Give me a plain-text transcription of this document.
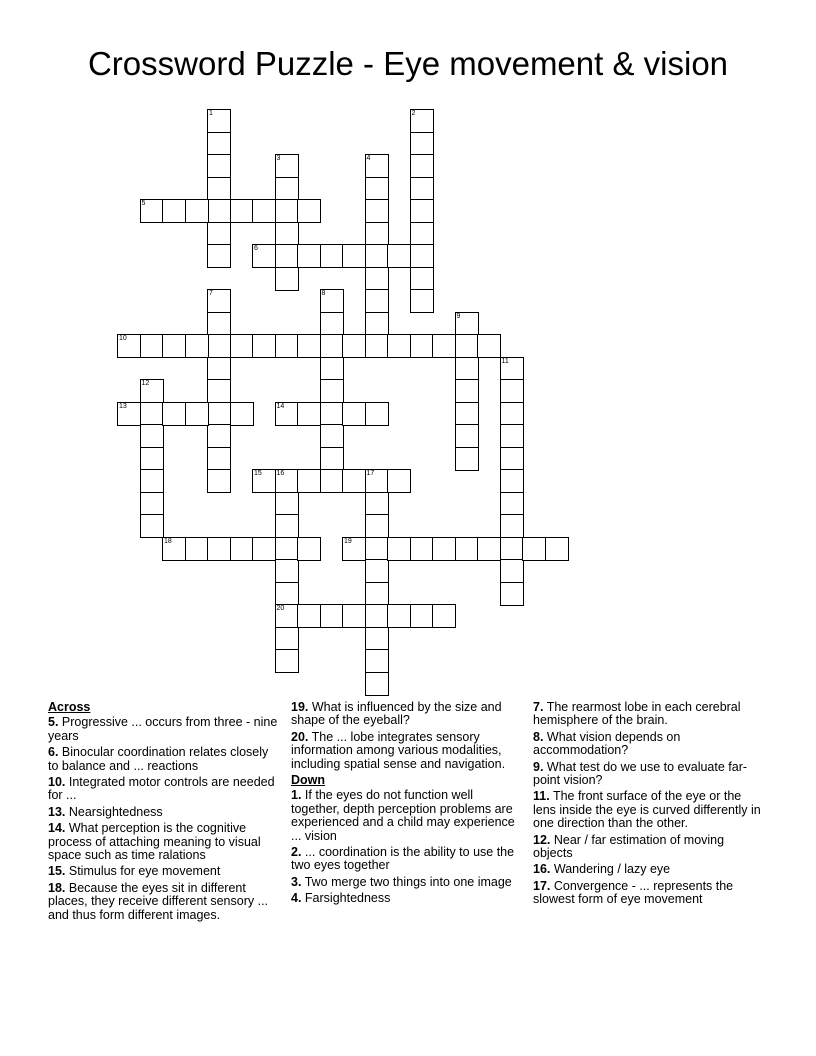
Crossword Puzzle - Eye movement & vision
1	2
3	4
5
6
7	8
9
10
11
12
13	14
15 16	17
20
18	19
Across
5. Progressive ... occurs from three - nine years
6. Binocular coordination relates closely to balance and ... reactions
10. Integrated motor controls are needed for ...
13. Nearsightedness
14. What perception is the cognitive process of attaching meaning to visual space such as time ralations
15. Stimulus for eye movement
18. Because the eyes sit in different places, they receive different sensory ... and thus form different images.
19. What is influenced by the size and shape of the eyeball?
20. The ... lobe integrates sensory information among various modalities, including spatial sense and navigation.
Down
1. If the eyes do not function well together, depth perception problems are experienced and a child may experience ... vision
2. ... coordination is the ability to use the two eyes together
3. Two merge two things into one image
4. Farsightedness
7. The rearmost lobe in each cerebral hemisphere of the brain.
8. What vision depends on accommodation?
9. What test do we use to evaluate far-point vision?
11. The front surface of the eye or the lens inside the eye is curved differently in one direction than the other.
12. Near / far estimation of moving objects
16. Wandering / lazy eye
17. Convergence - ... represents the slowest form of eye movement
